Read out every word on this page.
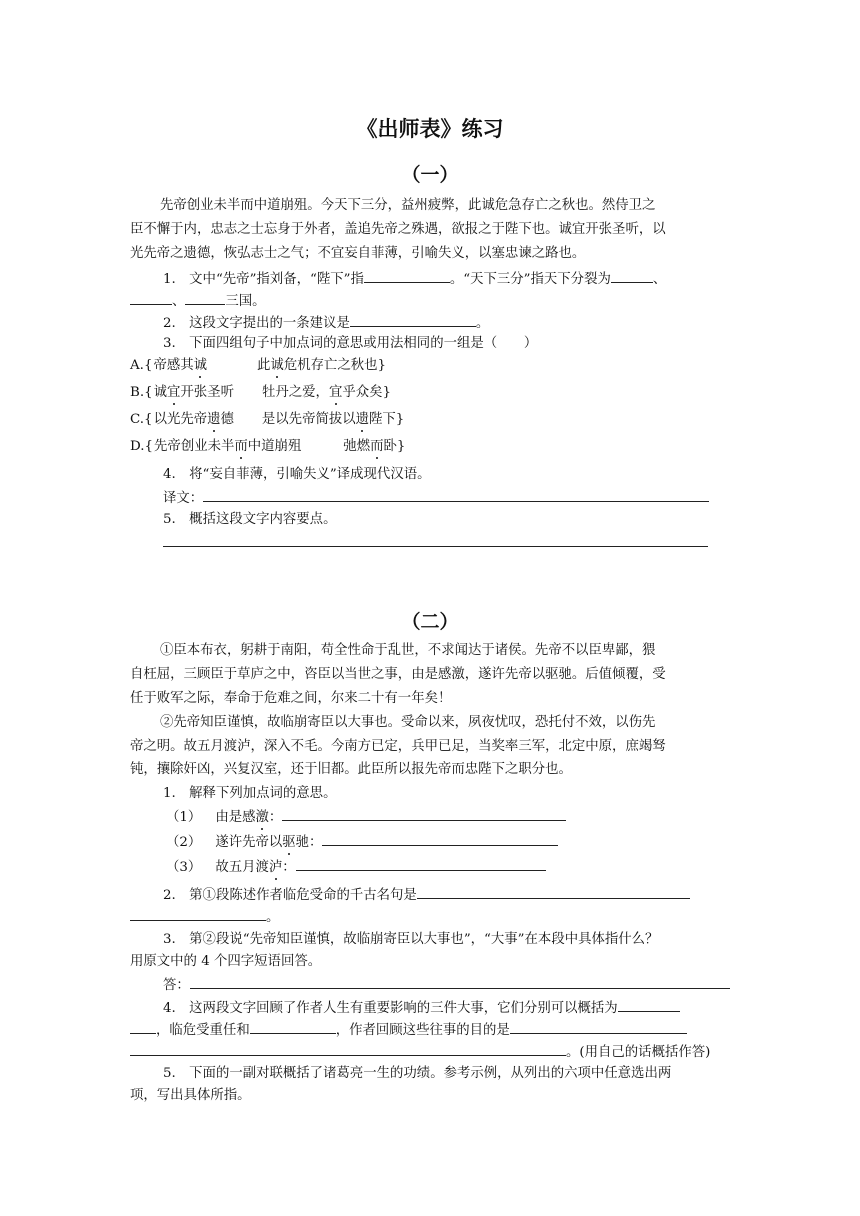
《出师表》练习
（一）
先帝创业未半而中道崩殂。今天下三分，益州疲弊，此诚危急存亡之秋也。然侍卫之
臣不懈于内，忠志之士忘身于外者，盖追先帝之殊遇，欲报之于陛下也。诚宜开张圣听，以
光先帝之遗德，恢弘志士之气；不宜妄自菲薄，引喻失义，以塞忠谏之路也。
1.　文中“先帝”指刘备，“陛下”指	。“天下三分”指天下分裂为	、
、	三国。
2.　这段文字提出的一条建议是	。
3.　下面四组句子中加点词的意思或用法相同的一组是（　　）
A.{帝感其诚	此诚危机存亡之秋也}
B.{诚宜开张圣听 牡丹之爱，宜乎众矣}
C.{以光先帝遗德 是以先帝简拔以遗陛下}
D.{先帝创业未半而中道崩殂	弛燃而卧}
4.　将“妄自菲薄，引喻失义”译成现代汉语。
译文：
5.　概括这段文字内容要点。
（二）
①臣本布衣，躬耕于南阳，苟全性命于乱世，不求闻达于诸侯。先帝不以臣卑鄙，猥
自枉屈，三顾臣于草庐之中，咨臣以当世之事，由是感激，遂许先帝以驱驰。后值倾覆，受
任于败军之际，奉命于危难之间，尔来二十有一年矣！
②先帝知臣谨慎，故临崩寄臣以大事也。受命以来，夙夜忧叹，恐托付不效，以伤先
帝之明。故五月渡泸，深入不毛。今南方已定，兵甲已足，当奖率三军，北定中原，庶竭驽
钝，攘除奸凶，兴复汉室，还于旧都。此臣所以报先帝而忠陛下之职分也。
1.　解释下列加点词的意思。
（1） 由是感激：
（2） 遂许先帝以驱驰：
（3） 故五月渡泸：
2.　第①段陈述作者临危受命的千古名句是
。
3.　第②段说“先帝知臣谨慎，故临崩寄臣以大事也”，“大事”在本段中具体指什么？
用原文中的 4 个四字短语回答。
答：
4.　这两段文字回顾了作者人生有重要影响的三件大事，它们分别可以概括为
，临危受重任和	，作者回顾这些往事的目的是
。(用自己的话概括作答)
5.　下面的一副对联概括了诸葛亮一生的功绩。参考示例，从列出的六项中任意选出两
项，写出具体所指。
